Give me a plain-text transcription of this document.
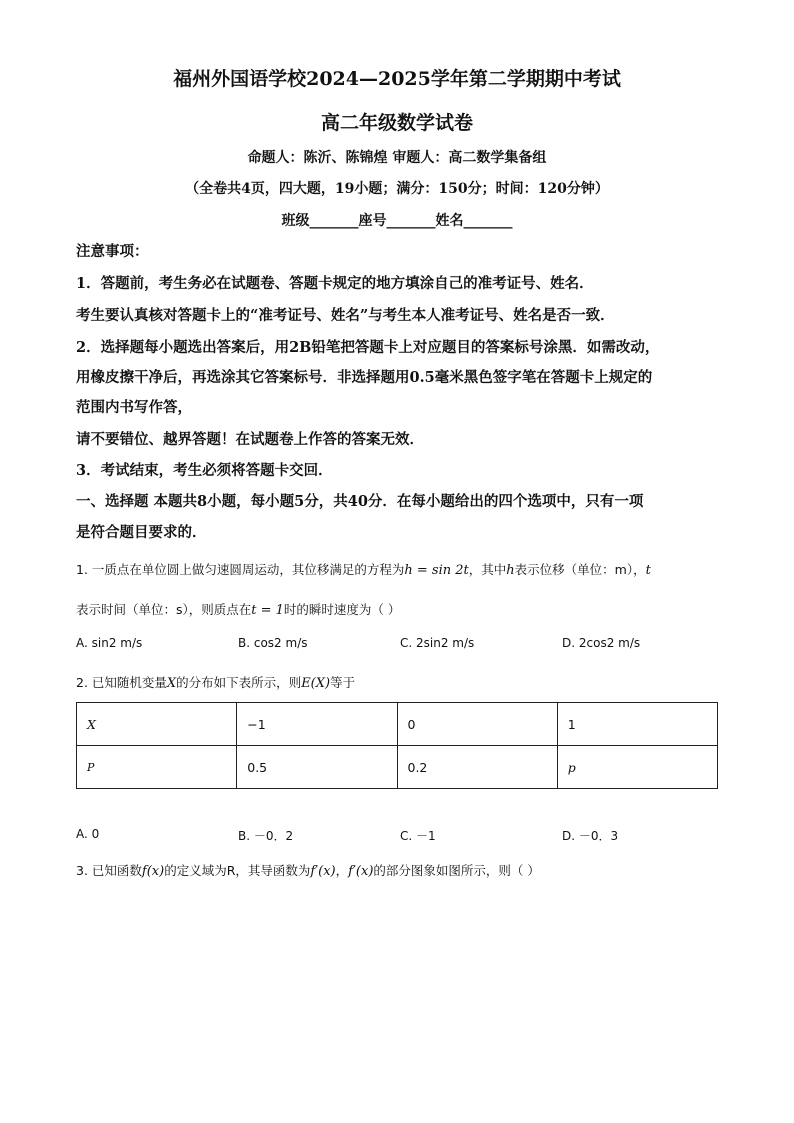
福州外国语学校2024—2025学年第二学期期中考试
高二年级数学试卷
命题人：陈沂、陈锦煌 审题人：高二数学集备组
（全卷共4页，四大题，19小题；满分：150分；时间：120分钟）
班级_______座号_______姓名_______
注意事项：
1．答题前，考生务必在试题卷、答题卡规定的地方填涂自己的准考证号、姓名．
考生要认真核对答题卡上的“准考证号、姓名”与考生本人准考证号、姓名是否一致．
2．选择题每小题选出答案后，用2B铅笔把答题卡上对应题目的答案标号涂黑．如需改动，
用橡皮擦干净后，再选涂其它答案标号．非选择题用0.5毫米黑色签字笔在答题卡上规定的
范围内书写作答，
请不要错位、越界答题！在试题卷上作答的答案无效．
3．考试结束，考生必须将答题卡交回．
一、选择题 本题共8小题，每小题5分，共40分．在每小题给出的四个选项中，只有一项
是符合题目要求的．
1. 一质点在单位圆上做匀速圆周运动，其位移满足的方程为h = sin 2t，其中h表示位移（单位：m），t
表示时间（单位：s），则质点在t = 1时的瞬时速度为（ ）
A. sin2 m/s	B. cos2 m/s	C. 2sin2 m/s	D. 2cos2 m/s
2. 已知随机变量X的分布如下表所示，则E(X)等于
X	−1	0	1
P	0.5	0.2	p
A. 0	B. －0．2	C. －1	D. －0．3
3. 已知函数f(x)的定义域为R，其导函数为f′(x)，f′(x)的部分图象如图所示，则（ ）
